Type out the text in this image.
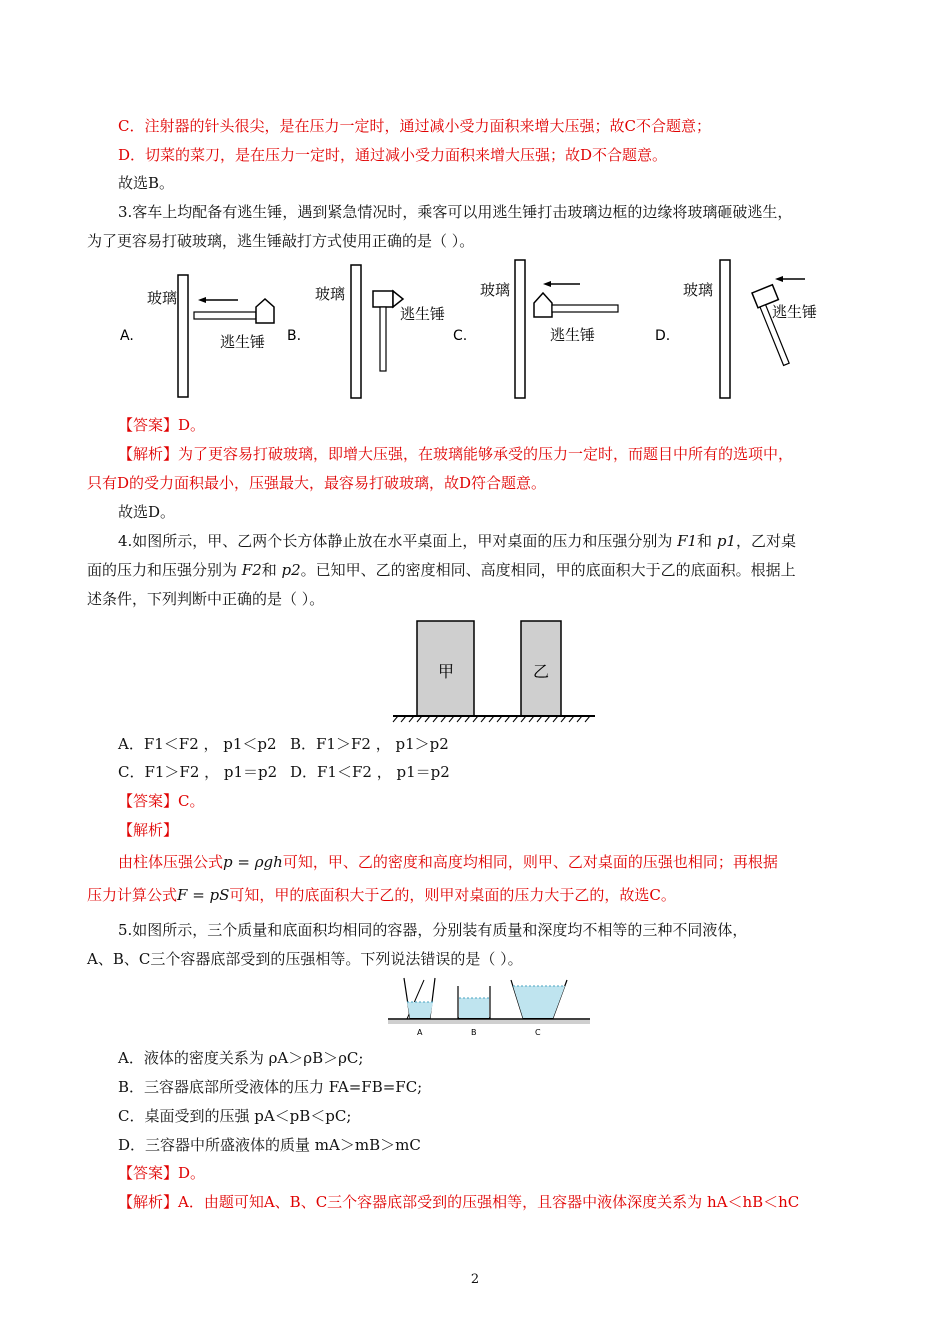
C．注射器的针头很尖，是在压力一定时，通过减小受力面积来增大压强；故C不合题意；
D．切菜的菜刀，是在压力一定时，通过减小受力面积来增大压强；故D不合题意。
故选B。
3.客车上均配备有逃生锤，遇到紧急情况时，乘客可以用逃生锤打击玻璃边框的边缘将玻璃砸破逃生，
为了更容易打破玻璃，逃生锤敲打方式使用正确的是（ ）。
A.
玻璃
逃生锤 B.
玻璃
逃生锤
C.
玻璃
逃生锤	D.
玻璃
逃生锤
【答案】D。
【解析】为了更容易打破玻璃，即增大压强，在玻璃能够承受的压力一定时，而题目中所有的选项中，
只有D的受力面积最小，压强最大，最容易打破玻璃，故D符合题意。
故选D。
4.如图所示，甲、乙两个长方体静止放在水平桌面上，甲对桌面的压力和压强分别为 F1和 p1，乙对桌
面的压力和压强分别为 F2和 p2。已知甲、乙的密度相同、高度相同，甲的底面积大于乙的底面积。根据上
述条件，下列判断中正确的是（ ）。
甲	乙
A．F1＜F2 ， p1＜p2 B．F1＞F2 ， p1＞p2
C．F1＞F2 ， p1＝p2 D．F1＜F2 ， p1＝p2
【答案】C。
【解析】
由柱体压强公式p = ρgh可知，甲、乙的密度和高度均相同，则甲、乙对桌面的压强也相同；再根据
压力计算公式F = pS可知，甲的底面积大于乙的，则甲对桌面的压力大于乙的，故选C。
5.如图所示，三个质量和底面积均相同的容器，分别装有质量和深度均不相等的三种不同液体，
A、B、C三个容器底部受到的压强相等。下列说法错误的是（ ）。
A	B	C
A．液体的密度关系为 ρA＞ρB＞ρC;
B．三容器底部所受液体的压力 FA=FB=FC;
C．桌面受到的压强 pA＜pB＜pC;
D．三容器中所盛液体的质量 mA＞mB＞mC
【答案】D。
【解析】A．由题可知A、B、C三个容器底部受到的压强相等，且容器中液体深度关系为 hA＜hB＜hC
2
